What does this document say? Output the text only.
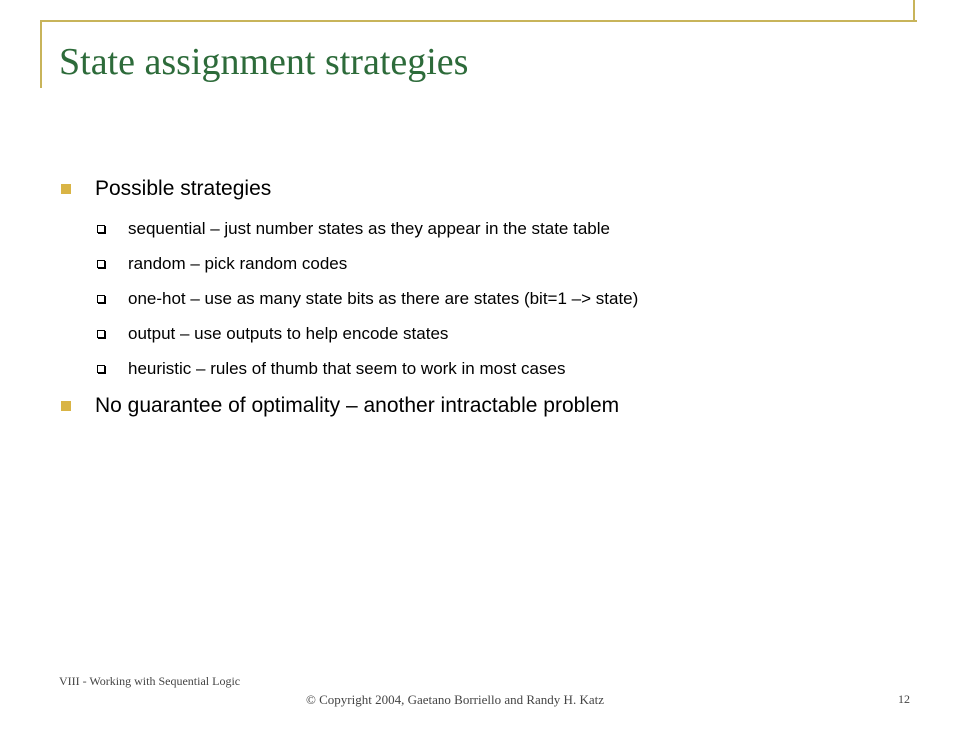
State assignment strategies
Possible strategies
sequential – just number states as they appear in the state table
random – pick random codes
one-hot – use as many state bits as there are states (bit=1 –> state)
output – use outputs to help encode states
heuristic – rules of thumb that seem to work in most cases
No guarantee of optimality – another intractable problem
VIII - Working with Sequential Logic
© Copyright 2004, Gaetano Borriello and Randy H. Katz	12
